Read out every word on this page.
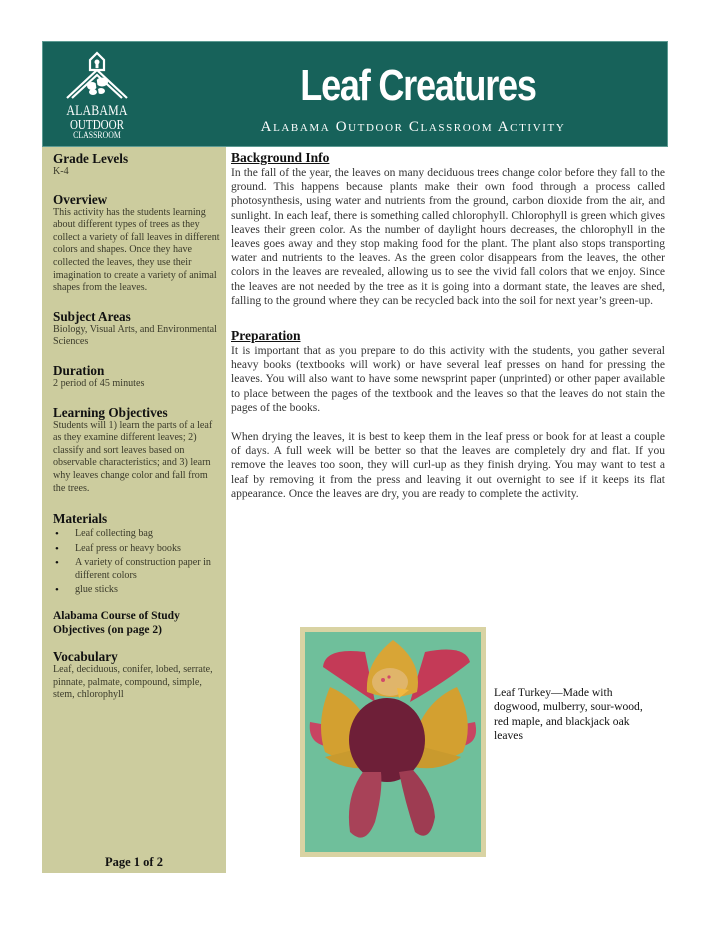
ALABAMA
OUTDOOR
CLASSROOM
Leaf Creatures
Alabama Outdoor Classroom Activity

Grade Levels

K-4

Overview

This activity has the students learning about different types of trees as they collect a variety of fall leaves in different colors and shapes. Once they have collected the leaves, they use their imagination to create a variety of animal shapes from the leaves.

Subject Areas

Biology, Visual Arts, and Environmental Sciences

Duration

2 period of 45 minutes

Learning Objectives

Students will 1) learn the parts of a leaf as they examine different leaves; 2) classify and sort leaves based on observable characteristics; and 3) learn why leaves change color and fall from the trees.

Materials

• Leaf collecting bag
• Leaf press or heavy books
• A variety of construction paper in different colors
• glue sticks

Alabama Course of Study

Objectives (on page 2)

Vocabulary

Leaf, deciduous, conifer, lobed, serrate, pinnate, palmate, compound, simple, stem, chlorophyll

Page 1 of 2

Background Info

In the fall of the year, the leaves on many deciduous trees change color before they fall to the ground. This happens because plants make their own food through a process called photosynthesis, using water and nutrients from the ground, carbon dioxide from the air, and sunlight. In each leaf, there is something called chlorophyll. Chlorophyll is green which gives leaves their green color. As the number of daylight hours decreases, the chlorophyll in the leaves goes away and they stop making food for the plant. The plant also stops transporting water and nutrients to the leaves. As the green color disappears from the leaves, the other colors in the leaves are revealed, allowing us to see the vivid fall colors that we enjoy. Since the leaves are not needed by the tree as it is going into a dormant state, the leaves are shed, falling to the ground where they can be recycled back into the soil for next year’s green-up.

Preparation

It is important that as you prepare to do this activity with the students, you gather several heavy books (textbooks will work) or have several leaf presses on hand for pressing the leaves. You will also want to have some newsprint paper (unprinted) or other paper available to place between the pages of the textbook and the leaves so that the leaves do not stain the pages of the books.

When drying the leaves, it is best to keep them in the leaf press or book for at least a couple of days. A full week will be better so that the leaves are completely dry and flat. If you remove the leaves too soon, they will curl-up as they finish drying. You may want to test a leaf by removing it from the press and leaving it out overnight to see if it keeps its flat appearance. Once the leaves are dry, you are ready to complete the activity.

Leaf Turkey—Made with dogwood, mulberry, sour-wood, red maple, and blackjack oak leaves
